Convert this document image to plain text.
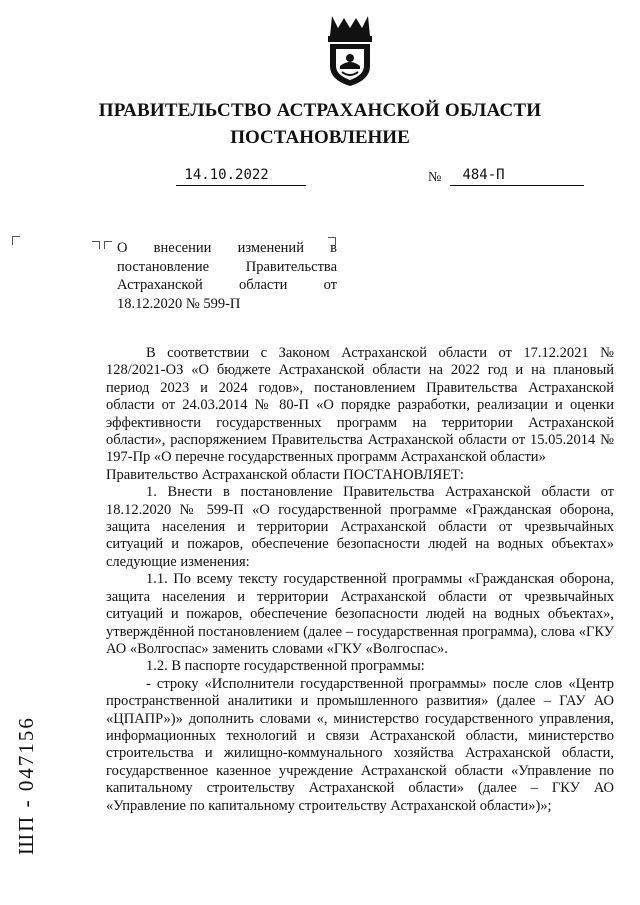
ПРАВИТЕЛЬСТВО АСТРАХАНСКОЙ ОБЛАСТИ
ПОСТАНОВЛЕНИЕ
14.10.2022	№	484-П
О внесении изменений в постановление Правительства Астраханской области от 18.12.2020 № 599-П

В соответствии с Законом Астраханской области от 17.12.2021 № 128/2021-ОЗ «О бюджете Астраханской области на 2022 год и на плановый период 2023 и 2024 годов», постановлением Правительства Астраханской области от 24.03.2014 № 80-П «О порядке разработки, реализации и оценки эффективности государственных программ на территории Астраханской области», распоряжением Правительства Астраханской области от 15.05.2014 № 197-Пр «О перечне государственных программ Астраханской области»

Правительство Астраханской области ПОСТАНОВЛЯЕТ:

1. Внести в постановление Правительства Астраханской области от 18.12.2020 № 599-П «О государственной программе «Гражданская оборона, защита населения и территории Астраханской области от чрезвычайных ситуаций и пожаров, обеспечение безопасности людей на водных объектах» следующие изменения:

1.1. По всему тексту государственной программы «Гражданская оборона, защита населения и территории Астраханской области от чрезвычайных ситуаций и пожаров, обеспечение безопасности людей на водных объектах», утверждённой постановлением (далее – государственная программа), слова «ГКУ АО «Волгоспас» заменить словами «ГКУ «Волгоспас».

1.2. В паспорте государственной программы:

- строку «Исполнители государственной программы» после слов «Центр пространственной аналитики и промышленного развития» (далее – ГАУ АО «ЦПАПР»)» дополнить словами «, министерство государственного управления, информационных технологий и связи Астраханской области, министерство строительства и жилищно-коммунального хозяйства Астраханской области, государственное казенное учреждение Астраханской области «Управление по капитальному строительству Астраханской области» (далее – ГКУ АО «Управление по капитальному строительству Астраханской области»)»;

ШП - 047156
